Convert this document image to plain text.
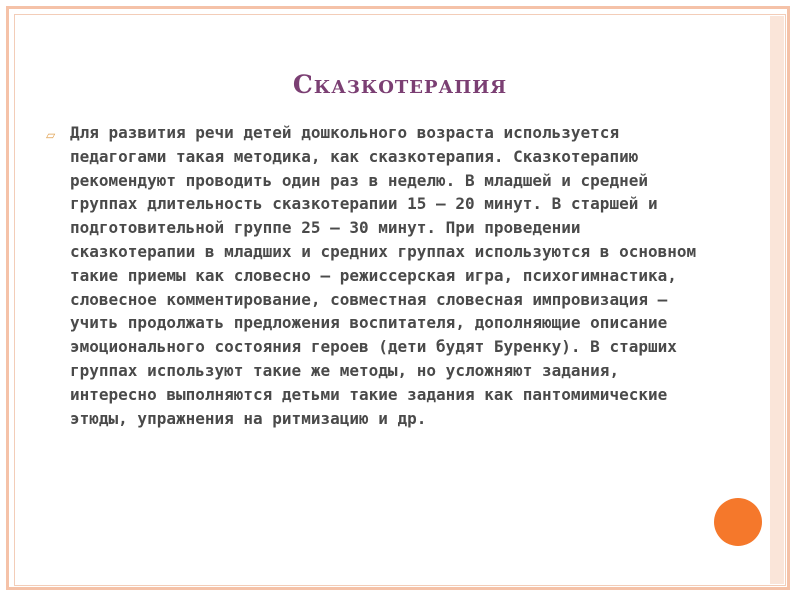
Сказкотерапия
▱ Для развития речи детей дошкольного возраста используется педагогами такая методика, как сказкотерапия. Сказкотерапию рекомендуют проводить один раз в неделю. В младшей и средней группах длительность сказкотерапии 15 – 20 минут. В старшей и подготовительной группе 25 – 30 минут. При проведении сказкотерапии в младших и средних группах используются в основном такие приемы как словесно – режиссерская игра, психогимнастика, словесное комментирование, совместная словесная импровизация – учить продолжать предложения воспитателя, дополняющие описание эмоционального состояния героев (дети будят Буренку). В старших группах используют такие же методы, но усложняют задания, интересно выполняются детьми такие задания как пантомимические этюды, упражнения на ритмизацию и др.
